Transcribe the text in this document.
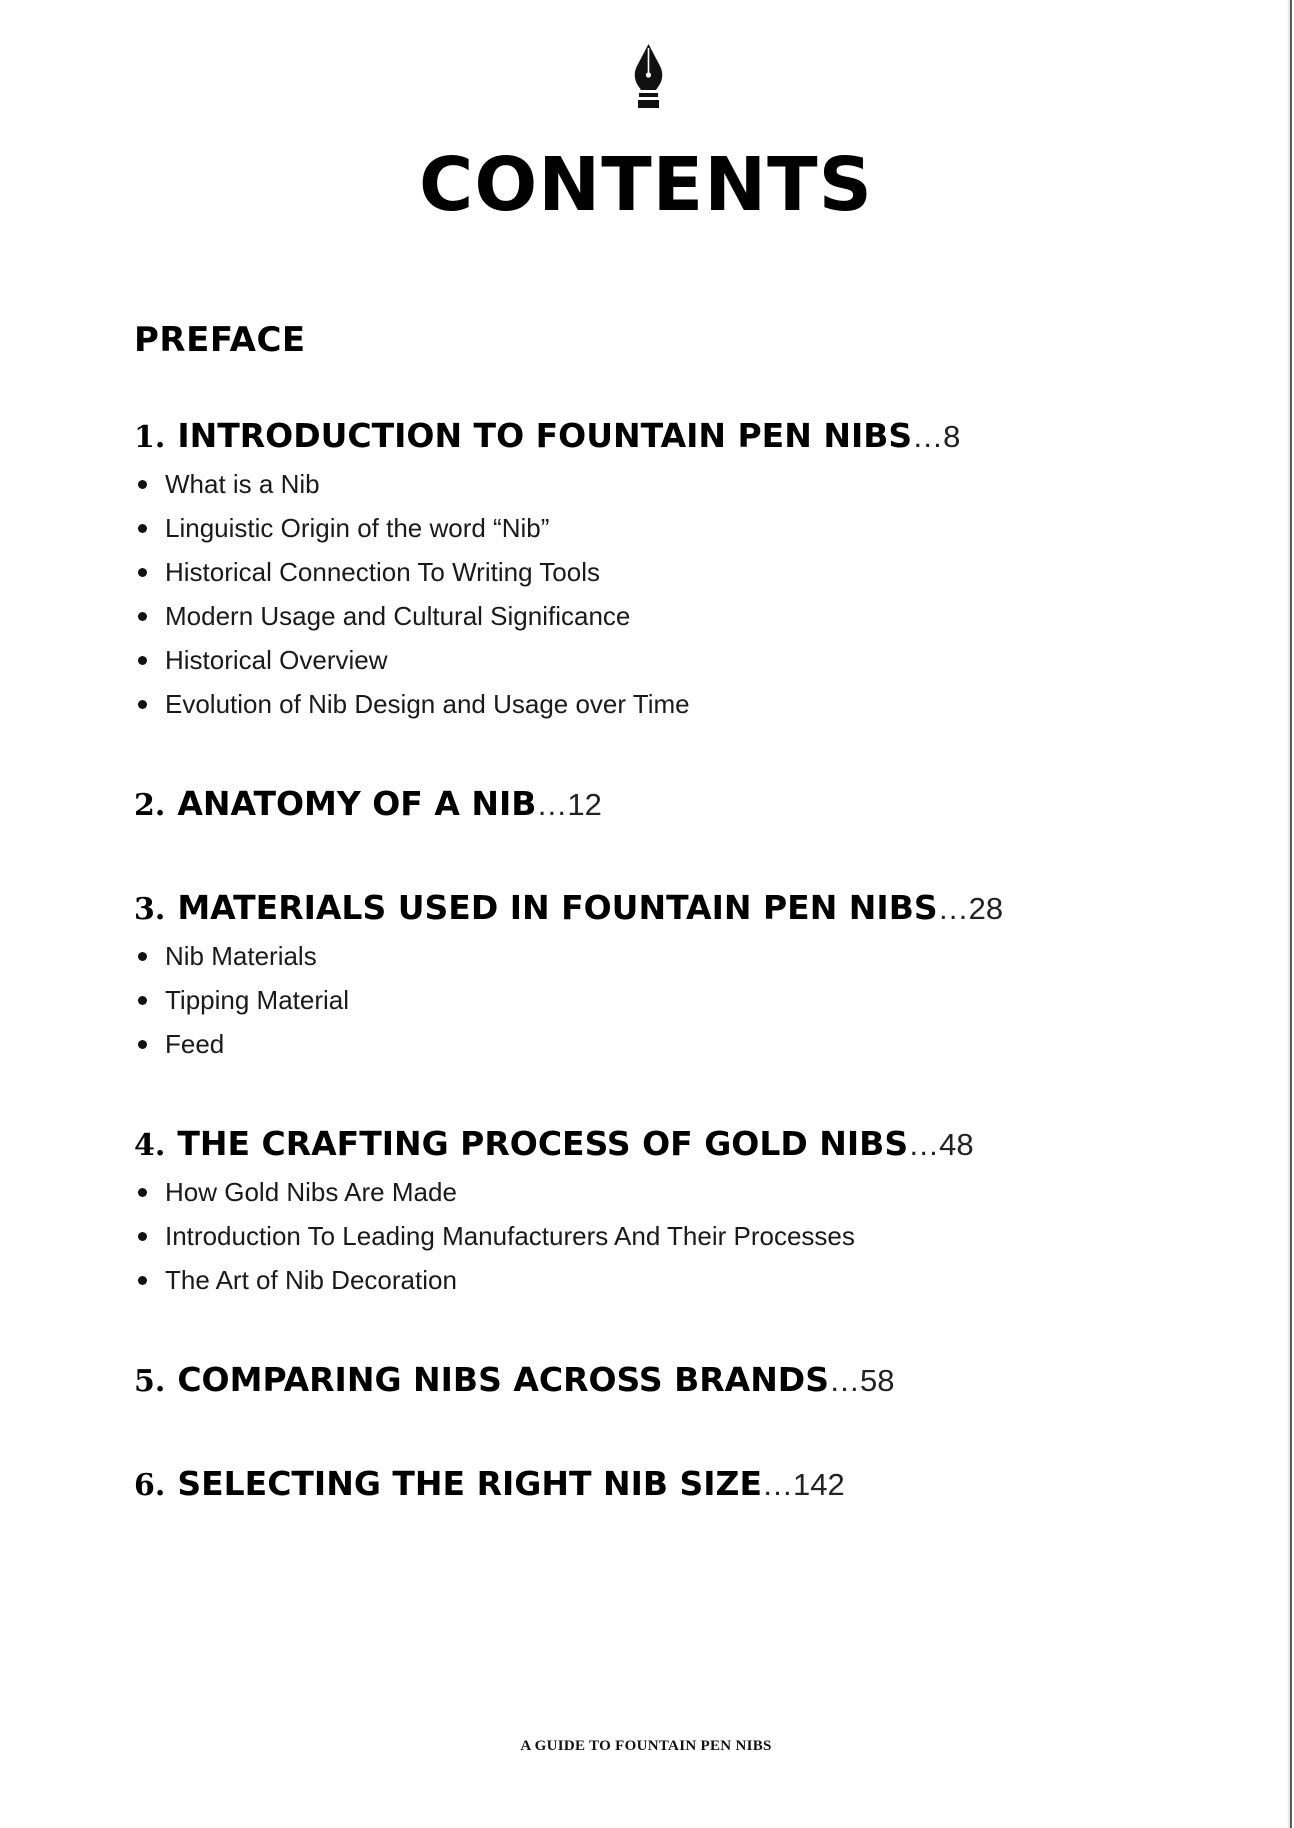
CONTENTS
PREFACE
1. INTRODUCTION TO FOUNTAIN PEN NIBS … 8
What is a Nib
Linguistic Origin of the word “Nib”
Historical Connection To Writing Tools
Modern Usage and Cultural Significance
Historical Overview
Evolution of Nib Design and Usage over Time
2. ANATOMY OF A NIB … 12
3. MATERIALS USED IN FOUNTAIN PEN NIBS … 28
Nib Materials
Tipping Material
Feed
4. THE CRAFTING PROCESS OF GOLD NIBS … 48
How Gold Nibs Are Made
Introduction To Leading Manufacturers And Their Processes
The Art of Nib Decoration
5. COMPARING NIBS ACROSS BRANDS … 58
6. SELECTING THE RIGHT NIB SIZE … 142
A GUIDE TO FOUNTAIN PEN NIBS
